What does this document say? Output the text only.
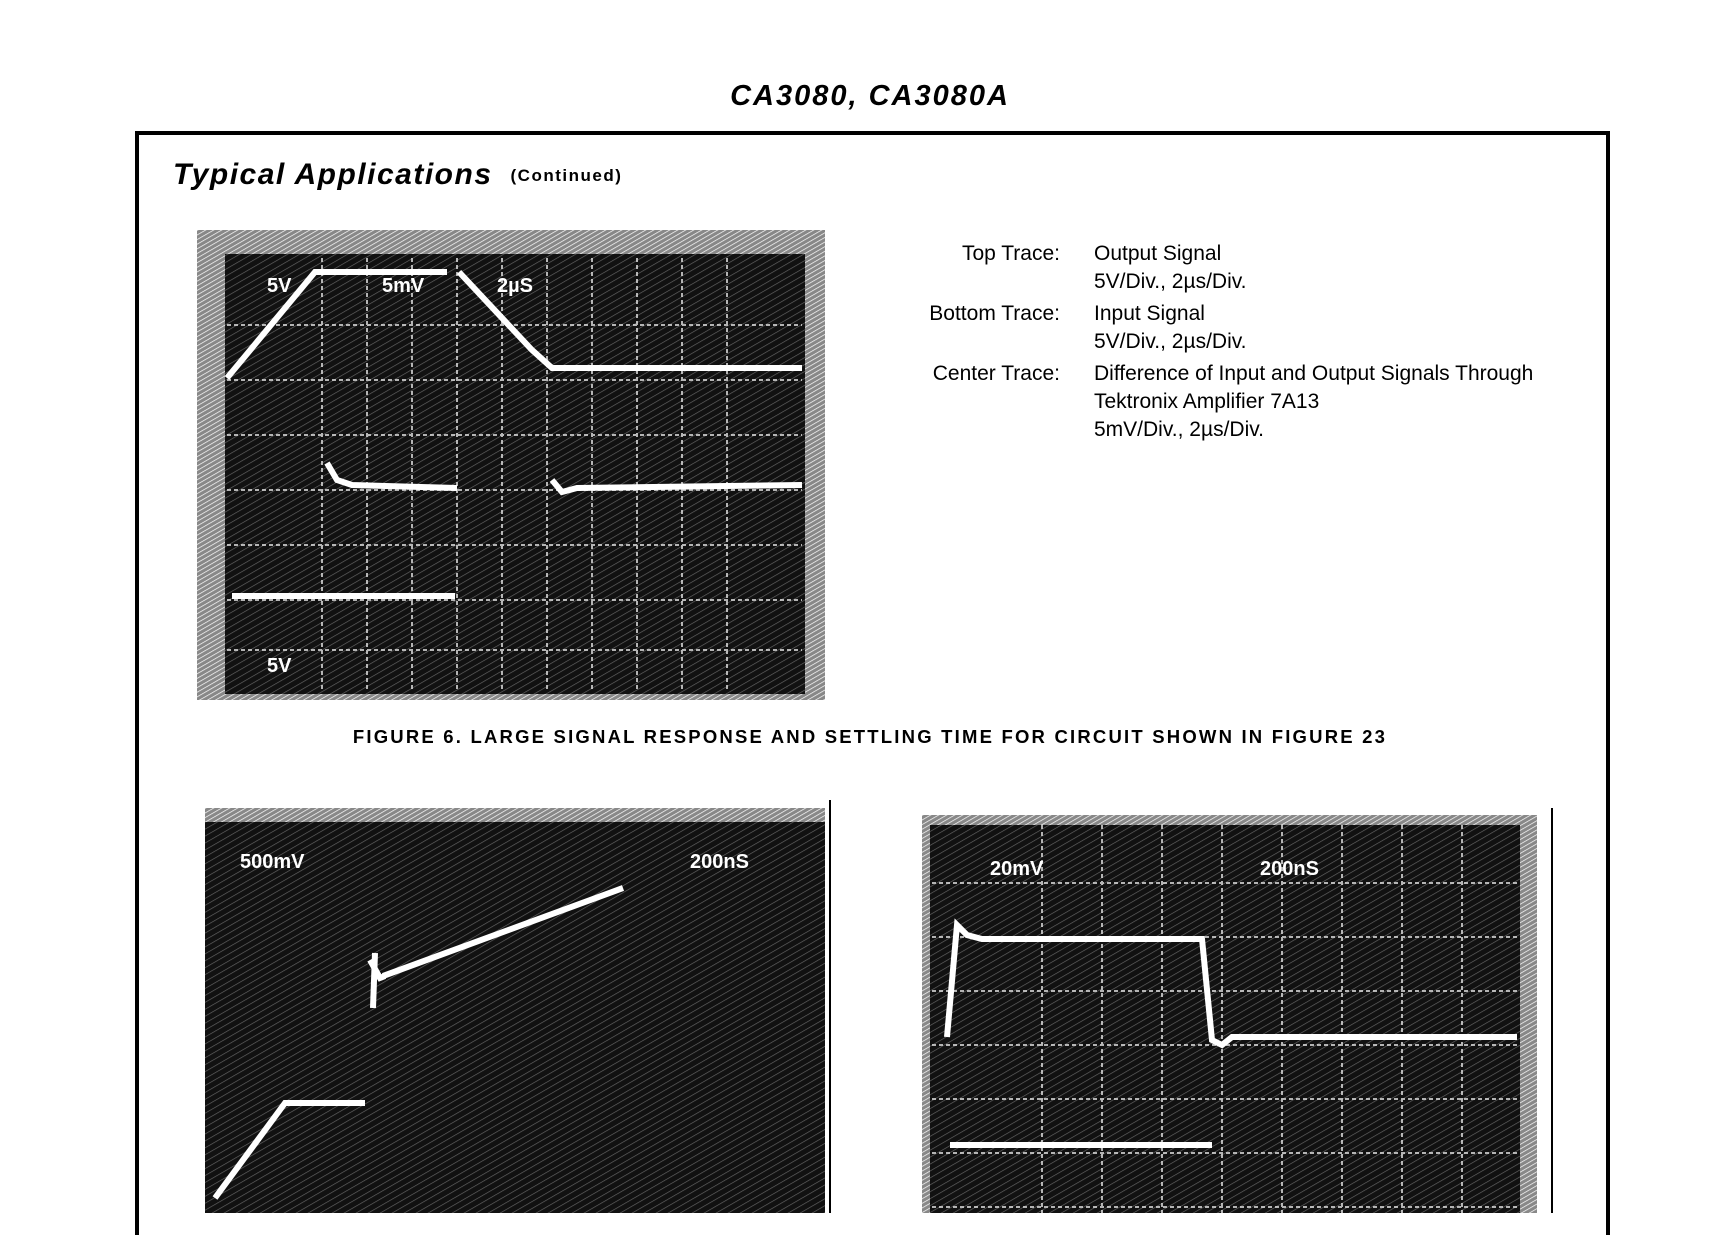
CA3080, CA3080A
Typical Applications (Continued)
5V	5mV	2µS
5V
Top Trace:	Output Signal
5V/Div., 2µs/Div.
Bottom Trace:	Input Signal
5V/Div., 2µs/Div.
Center Trace:	Difference of Input and Output Signals Through
Tektronix Amplifier 7A13
5mV/Div., 2µs/Div.
FIGURE 6. LARGE SIGNAL RESPONSE AND SETTLING TIME FOR CIRCUIT SHOWN IN FIGURE 23
500mV	200nS	20mV	200nS
